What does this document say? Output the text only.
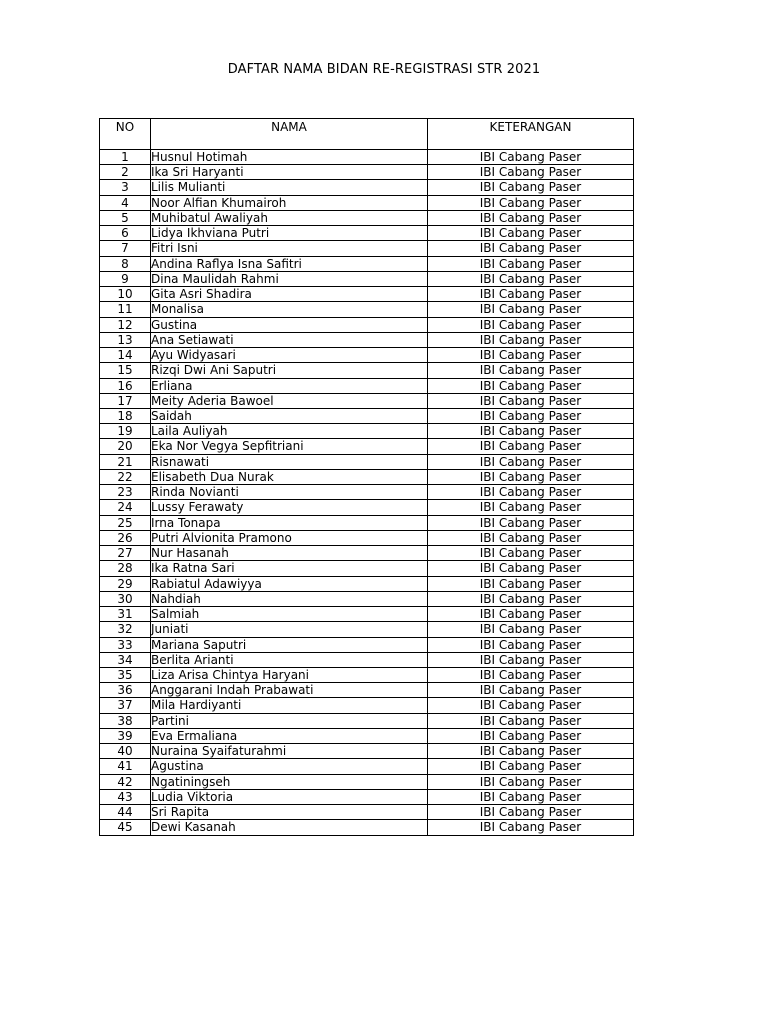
DAFTAR NAMA BIDAN RE-REGISTRASI STR 2021
NO	NAMA	KETERANGAN
1	Husnul Hotimah	IBI Cabang Paser
2	Ika Sri Haryanti	IBI Cabang Paser
3	Lilis Mulianti	IBI Cabang Paser
4	Noor Alfian Khumairoh	IBI Cabang Paser
5	Muhibatul Awaliyah	IBI Cabang Paser
6	Lidya Ikhviana Putri	IBI Cabang Paser
7	Fitri Isni	IBI Cabang Paser
8	Andina Raflya Isna Safitri	IBI Cabang Paser
9	Dina Maulidah Rahmi	IBI Cabang Paser
10	Gita Asri Shadira	IBI Cabang Paser
11	Monalisa	IBI Cabang Paser
12	Gustina	IBI Cabang Paser
13	Ana Setiawati	IBI Cabang Paser
14	Ayu Widyasari	IBI Cabang Paser
15	Rizqi Dwi Ani Saputri	IBI Cabang Paser
16	Erliana	IBI Cabang Paser
17	Meity Aderia Bawoel	IBI Cabang Paser
18	Saidah	IBI Cabang Paser
19	Laila Auliyah	IBI Cabang Paser
20	Eka Nor Vegya Sepfitriani	IBI Cabang Paser
21	Risnawati	IBI Cabang Paser
22	Elisabeth Dua Nurak	IBI Cabang Paser
23	Rinda Novianti	IBI Cabang Paser
24	Lussy Ferawaty	IBI Cabang Paser
25	Irna Tonapa	IBI Cabang Paser
26	Putri Alvionita Pramono	IBI Cabang Paser
27	Nur Hasanah	IBI Cabang Paser
28	Ika Ratna Sari	IBI Cabang Paser
29	Rabiatul Adawiyya	IBI Cabang Paser
30	Nahdiah	IBI Cabang Paser
31	Salmiah	IBI Cabang Paser
32	Juniati	IBI Cabang Paser
33	Mariana Saputri	IBI Cabang Paser
34	Berlita Arianti	IBI Cabang Paser
35	Liza Arisa Chintya Haryani	IBI Cabang Paser
36	Anggarani Indah Prabawati	IBI Cabang Paser
37	Mila Hardiyanti	IBI Cabang Paser
38	Partini	IBI Cabang Paser
39	Eva Ermaliana	IBI Cabang Paser
40	Nuraina Syaifaturahmi	IBI Cabang Paser
41	Agustina	IBI Cabang Paser
42	Ngatiningseh	IBI Cabang Paser
43	Ludia Viktoria	IBI Cabang Paser
44	Sri Rapita	IBI Cabang Paser
45	Dewi Kasanah	IBI Cabang Paser
